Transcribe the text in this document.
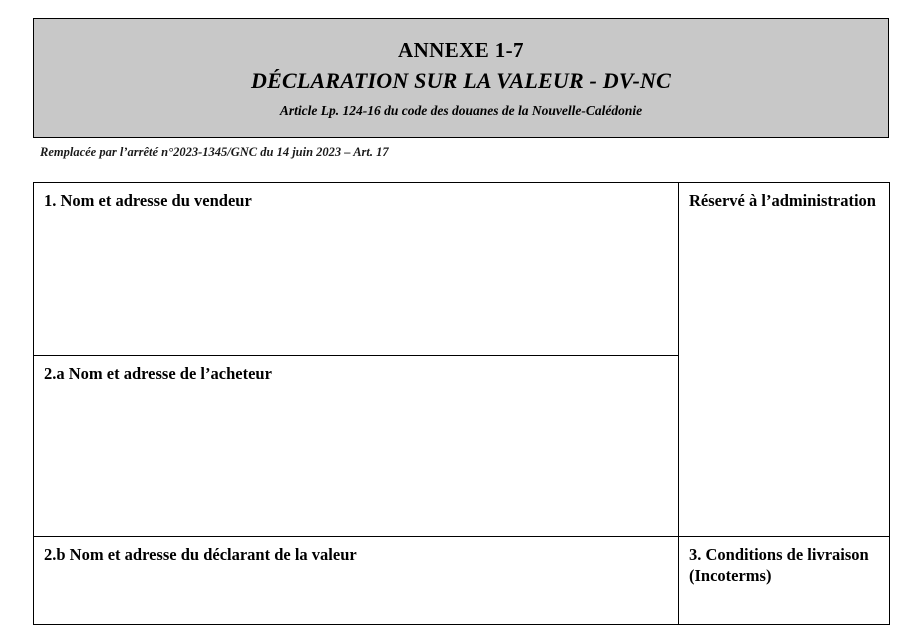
ANNEXE 1-7
DÉCLARATION SUR LA VALEUR - DV-NC
Article Lp. 124-16 du code des douanes de la Nouvelle-Calédonie
Remplacée par l’arrêté n°2023-1345/GNC du 14 juin 2023 – Art. 17
1. Nom et adresse du vendeur	Réservé à l’administration
2.a Nom et adresse de l’acheteur	
2.b Nom et adresse du déclarant de la valeur	3. Conditions de livraison (Incoterms)
